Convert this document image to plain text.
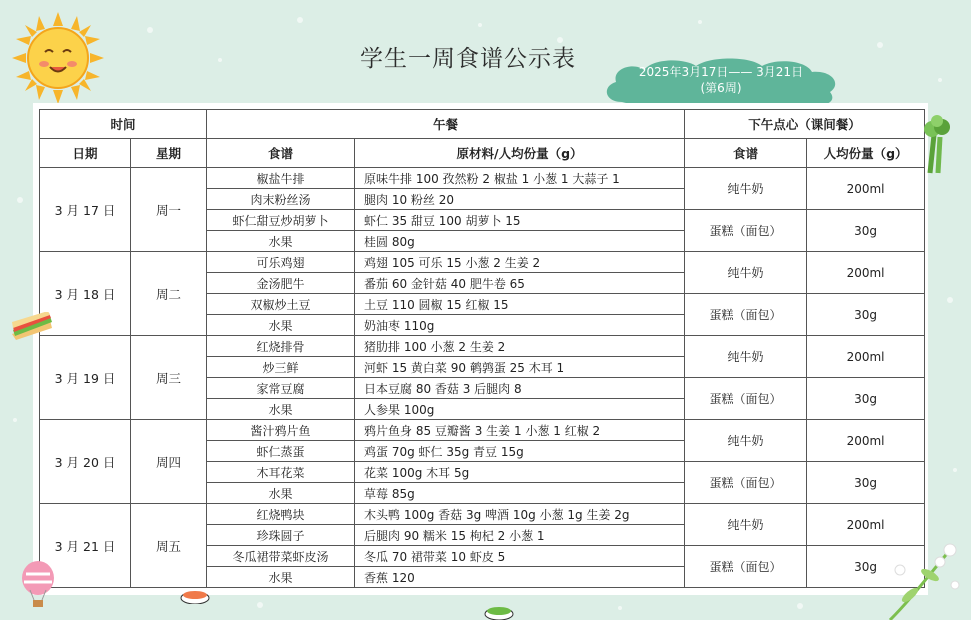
学生一周食谱公示表	2025年3月17日—— 3月21日
(第6周)
时间		午餐		下午点心（课间餐）	
日期	星期	食谱	原材料/人均份量（g）	食谱	人均份量（g）
3 月 17 日	周一	椒盐牛排	原味牛排 100 孜然粉 2 椒盐 1 小葱 1 大蒜子 1	纯牛奶	200ml
		肉末粉丝汤	腿肉 10 粉丝 20		
		虾仁甜豆炒胡萝卜	虾仁 35 甜豆 100 胡萝卜 15	蛋糕（面包）	30g
		水果	桂圆 80g		
3 月 18 日	周二	可乐鸡翅	鸡翅 105 可乐 15 小葱 2 生姜 2	纯牛奶	200ml
		金汤肥牛	番茄 60 金针菇 40 肥牛卷 65		
		双椒炒土豆	土豆 110 圆椒 15 红椒 15	蛋糕（面包）	30g
		水果	奶油枣 110g		
3 月 19 日	周三	红烧排骨	猪肋排 100 小葱 2 生姜 2	纯牛奶	200ml
		炒三鲜	河虾 15 黄白菜 90 鹌鹑蛋 25 木耳 1		
		家常豆腐	日本豆腐 80 香菇 3 后腿肉 8	蛋糕（面包）	30g
		水果	人参果 100g		
3 月 20 日	周四	酱汁鸦片鱼	鸦片鱼身 85 豆瓣酱 3 生姜 1 小葱 1 红椒 2	纯牛奶	200ml
		虾仁蒸蛋	鸡蛋 70g 虾仁 35g 青豆 15g		
		木耳花菜	花菜 100g 木耳 5g	蛋糕（面包）	30g
		水果	草莓 85g		
3 月 21 日	周五	红烧鸭块	木头鸭 100g 香菇 3g 啤酒 10g 小葱 1g 生姜 2g	纯牛奶	200ml
		珍珠圆子	后腿肉 90 糯米 15 枸杞 2 小葱 1		
		冬瓜裙带菜虾皮汤	冬瓜 70 裙带菜 10 虾皮 5	蛋糕（面包）	30g
		水果	香蕉 120		
